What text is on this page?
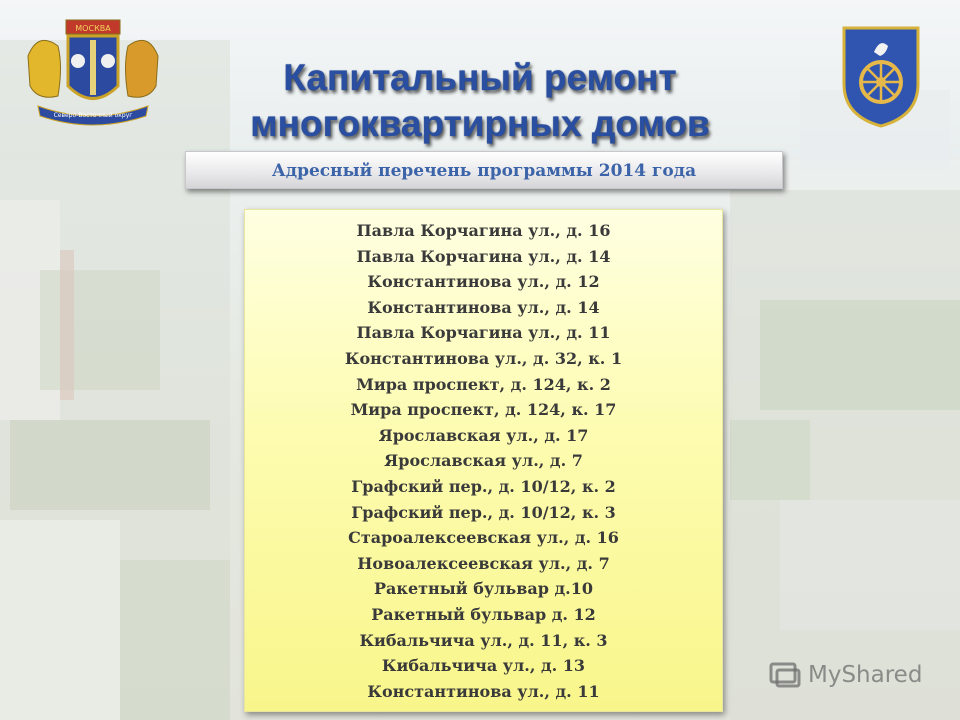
МОСКВА
Северо-Восточный округ
Капитальный ремонт
многоквартирных домов
Адресный перечень программы 2014 года
Павла Корчагина ул., д. 16
Павла Корчагина ул., д. 14
Константинова ул., д. 12
Константинова ул., д. 14
Павла Корчагина ул., д. 11
Константинова ул., д. 32, к. 1
Мира проспект, д. 124, к. 2
Мира проспект, д. 124, к. 17
Ярославская ул., д. 17
Ярославская ул., д. 7
Графский пер., д. 10/12, к. 2
Графский пер., д. 10/12, к. 3
Староалексеевская ул., д. 16
Новоалексеевская ул., д. 7
Ракетный бульвар д.10
Ракетный бульвар д. 12
Кибальчича ул., д. 11, к. 3
Кибальчича ул., д. 13
Константинова ул., д. 11
MyShared
